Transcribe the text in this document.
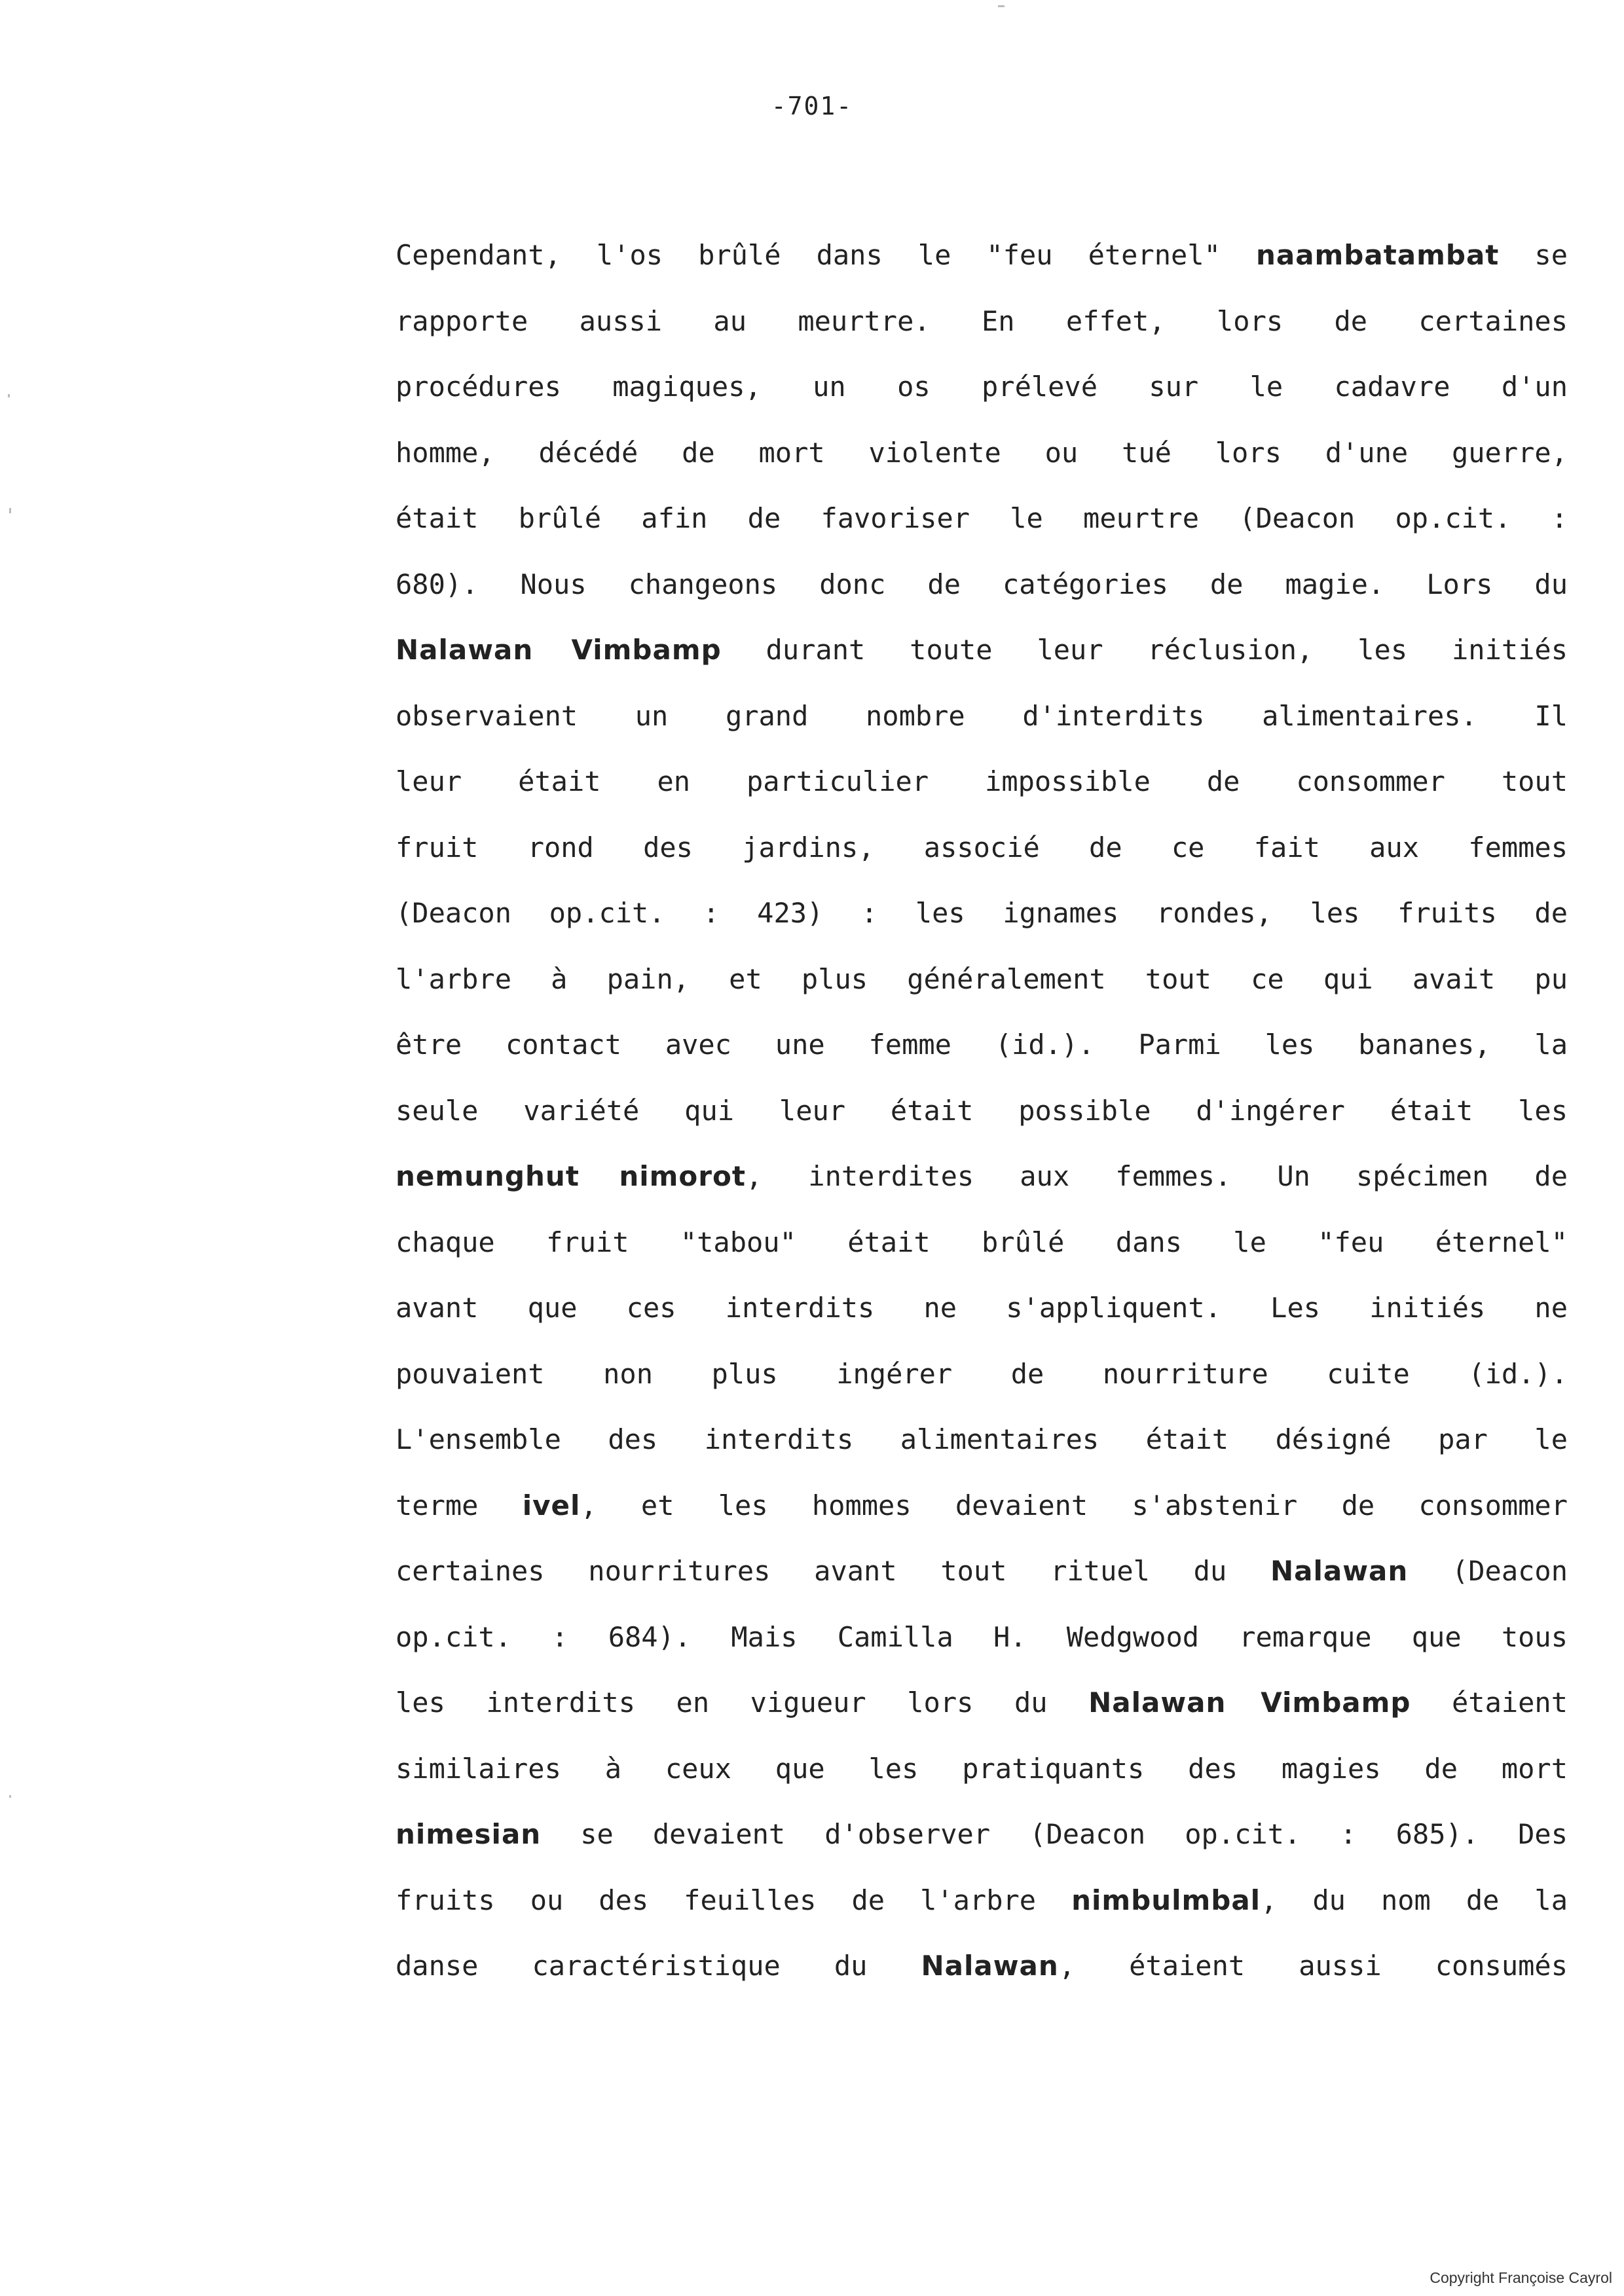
-701-
Cependant, l'os brûlé dans le "feu éternel" naambatambat se
rapporte aussi au meurtre. En effet, lors de certaines
procédures magiques, un os prélevé sur le cadavre d'un
homme, décédé de mort violente ou tué lors d'une guerre,
était brûlé afin de favoriser le meurtre (Deacon op.cit. :
680). Nous changeons donc de catégories de magie. Lors du
Nalawan Vimbamp durant toute leur réclusion, les initiés
observaient un grand nombre d'interdits alimentaires. Il
leur était en particulier impossible de consommer tout
fruit rond des jardins, associé de ce fait aux femmes
(Deacon op.cit. : 423) : les ignames rondes, les fruits de
l'arbre à pain, et plus généralement tout ce qui avait pu
être contact avec une femme (id.). Parmi les bananes, la
seule variété qui leur était possible d'ingérer était les
nemunghut nimorot, interdites aux femmes. Un spécimen de
chaque fruit "tabou" était brûlé dans le "feu éternel"
avant que ces interdits ne s'appliquent. Les initiés ne
pouvaient non plus ingérer de nourriture cuite (id.).
L'ensemble des interdits alimentaires était désigné par le
terme ivel, et les hommes devaient s'abstenir de consommer
certaines nourritures avant tout rituel du Nalawan (Deacon
op.cit. : 684). Mais Camilla H. Wedgwood remarque que tous
les interdits en vigueur lors du Nalawan Vimbamp étaient
similaires à ceux que les pratiquants des magies de mort
nimesian se devaient d'observer (Deacon op.cit. : 685). Des
fruits ou des feuilles de l'arbre nimbulmbal, du nom de la
danse caractéristique du Nalawan, étaient aussi consumés
Copyright Françoise Cayrol
